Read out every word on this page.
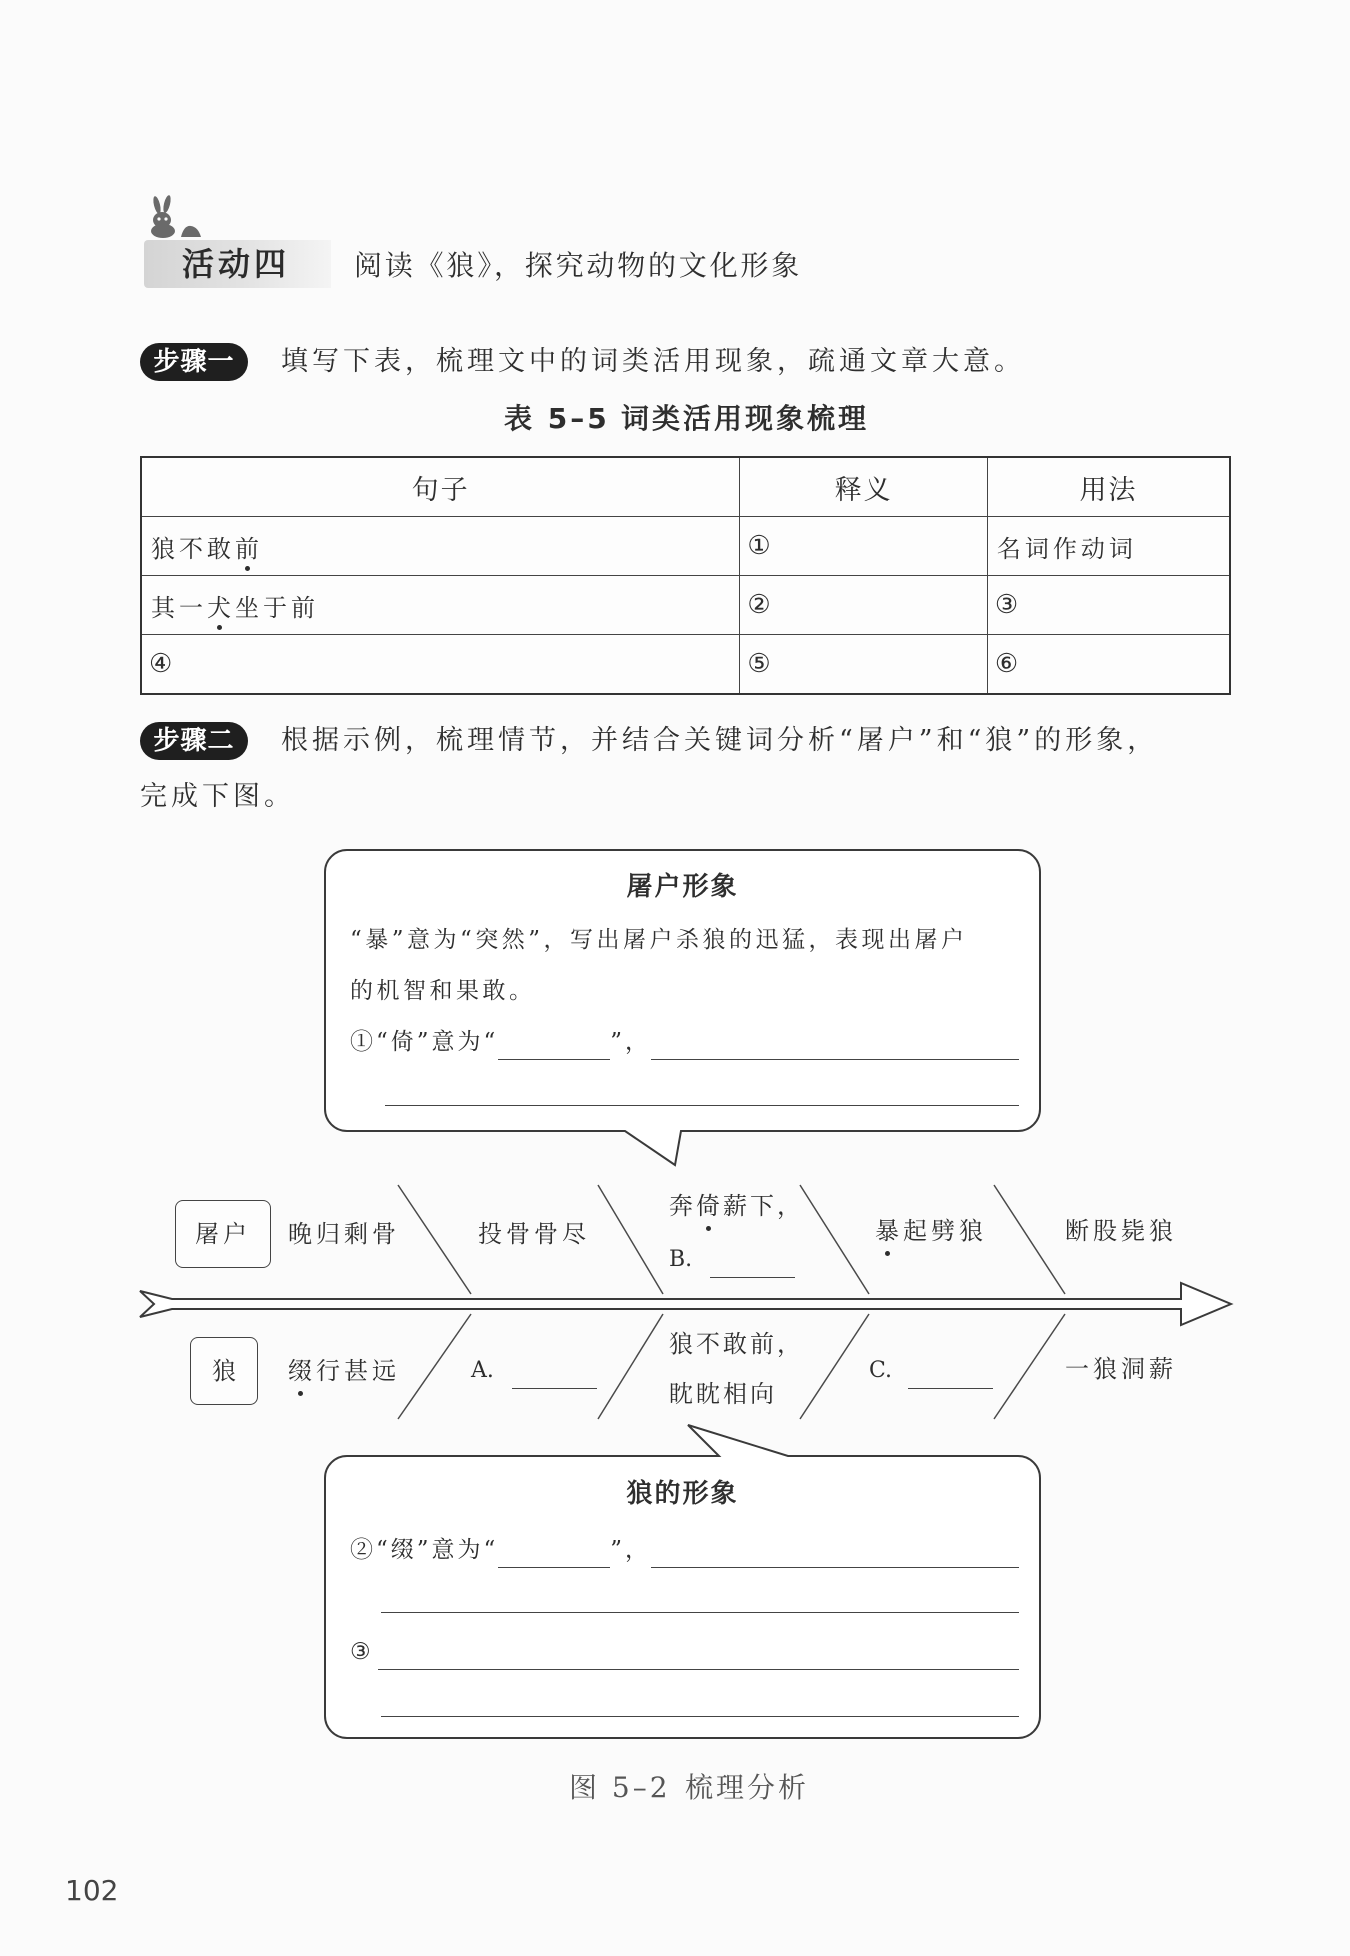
活动四 阅读《狼》，探究动物的文化形象
步骤一	填写下表，梳理文中的词类活用现象，疏通文章大意。
表 5–5 词类活用现象梳理
句子	释义	用法
狼不敢前	①	名词作动词
其一犬坐于前	②	③
④	⑤	⑥
步骤二	根据示例，梳理情节，并结合关键词分析“屠户”和“狼”的形象，
完成下图。
屠户形象
“暴”意为“突然”，写出屠户杀狼的迅猛，表现出屠户
的机智和果敢。
①“倚”意为“	”，
屠户	晚归剩骨	投骨骨尽
奔倚薪下，
B.
暴起劈狼	断股毙狼
狼	缀行甚远	A.
狼不敢前，
眈眈相向
C.	一狼洞薪
狼的形象
②“缀”意为“	”，
③
图 5–2 梳理分析
102
